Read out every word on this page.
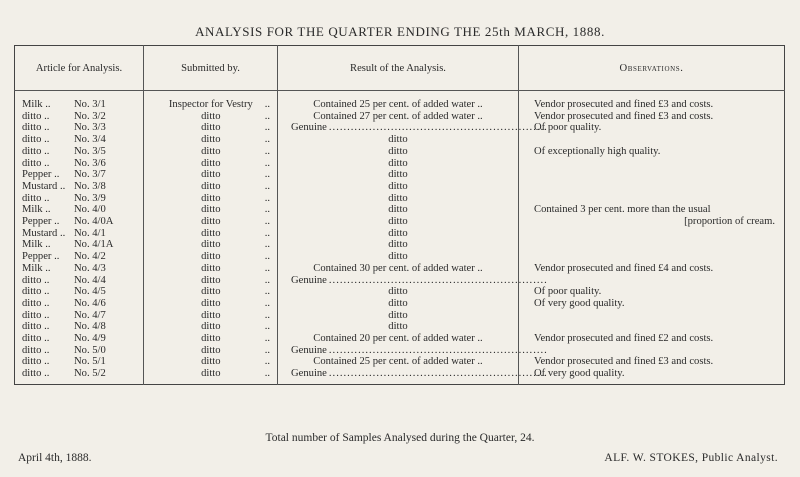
ANALYSIS FOR THE QUARTER ENDING THE 25th MARCH, 1888.
Article for Analysis.	Submitted by.	Result of the Analysis.	Observations.

Milk .. No. 3/1	Inspector for Vestry ..	Contained 25 per cent. of added water ..	Vendor prosecuted and fined £3 and costs.

ditto .. No. 3/2	ditto ..	Contained 27 per cent. of added water ..	Vendor prosecuted and fined £3 and costs.

ditto .. No. 3/3	ditto ..	Genuine ............................................................	Of poor quality.

ditto .. No. 3/4	ditto ..	ditto	

ditto .. No. 3/5	ditto ..	ditto	Of exceptionally high quality.

ditto .. No. 3/6	ditto ..	ditto	

Pepper .. No. 3/7	ditto ..	ditto	

Mustard .. No. 3/8	ditto ..	ditto	

ditto .. No. 3/9	ditto ..	ditto	

Milk .. No. 4/0	ditto ..	ditto	Contained 3 per cent. more than the usual

Pepper .. No. 4/0A	ditto ..	ditto	[proportion of cream.

Mustard .. No. 4/1	ditto ..	ditto	

Milk .. No. 4/1A	ditto ..	ditto	

Pepper .. No. 4/2	ditto ..	ditto	

Milk .. No. 4/3	ditto ..	Contained 30 per cent. of added water ..	Vendor prosecuted and fined £4 and costs.

ditto .. No. 4/4	ditto ..	Genuine ............................................................	

ditto .. No. 4/5	ditto ..	ditto	Of poor quality.

ditto .. No. 4/6	ditto ..	ditto	Of very good quality.

ditto .. No. 4/7	ditto ..	ditto	

ditto .. No. 4/8	ditto ..	ditto	

ditto .. No. 4/9	ditto ..	Contained 20 per cent. of added water ..	Vendor prosecuted and fined £2 and costs.

ditto .. No. 5/0	ditto ..	Genuine ............................................................	

ditto .. No. 5/1	ditto ..	Contained 25 per cent. of added water ..	Vendor prosecuted and fined £3 and costs.

ditto .. No. 5/2	ditto ..	Genuine ............................................................	Of very good quality.
Total number of Samples Analysed during the Quarter, 24.
April 4th, 1888.	ALF. W. STOKES, Public Analyst.
